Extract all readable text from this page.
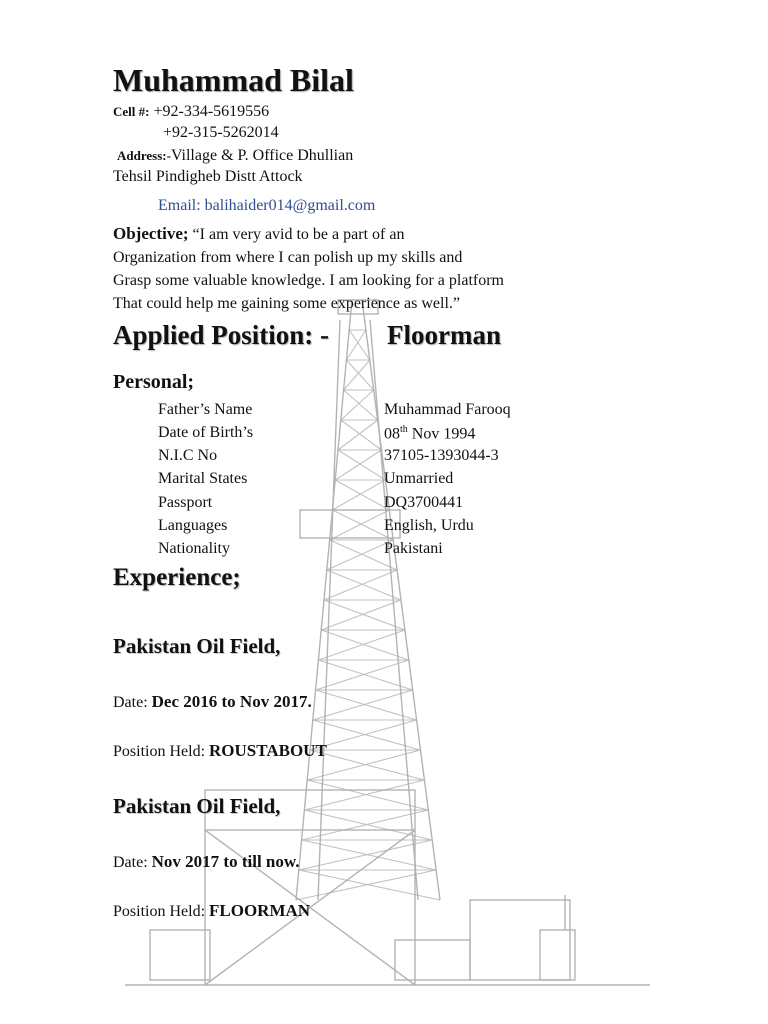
Muhammad Bilal
Cell #: +92-334-5619556
+92-315-5262014
Address:-Village & P. Office Dhullian
Tehsil Pindigheb Distt Attock
Email: balihaider014@gmail.com
Objective; “I am very avid to be a part of an
Organization from where I can polish up my skills and
Grasp some valuable knowledge. I am looking for a platform
That could help me gaining some experience as well.”
Applied Position: - Floorman
Personal;
Father’s Name	Muhammad Farooq
Date of Birth’s	08th Nov 1994
N.I.C No	37105-1393044-3
Marital States	Unmarried
Passport	DQ3700441
Languages	English, Urdu
Nationality	Pakistani
Experience;
Pakistan Oil Field,
Date: Dec 2016 to Nov 2017.
Position Held: ROUSTABOUT
Pakistan Oil Field,
Date: Nov 2017 to till now.
Position Held: FLOORMAN
